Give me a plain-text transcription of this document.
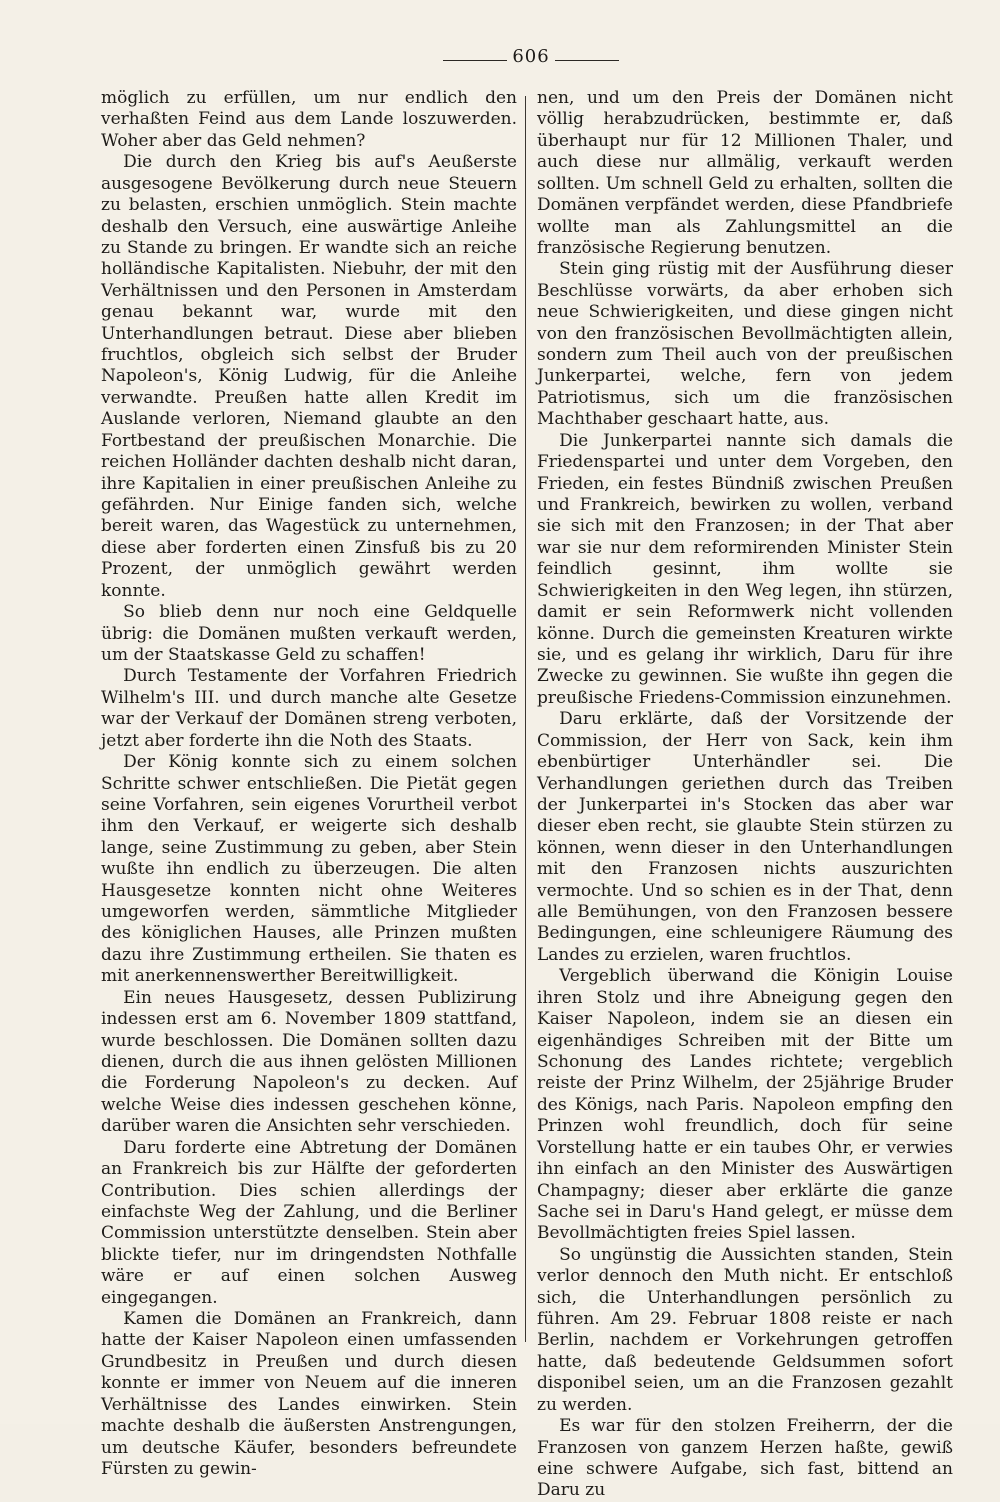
606

möglich zu erfüllen, um nur endlich den verhaßten Feind aus dem Lande loszuwerden. Woher aber das Geld nehmen?

Die durch den Krieg bis auf's Aeußerste ausgesogene Bevölkerung durch neue Steuern zu belasten, erschien unmöglich. Stein machte deshalb den Versuch, eine auswärtige Anleihe zu Stande zu bringen. Er wandte sich an reiche holländische Kapitalisten. Niebuhr, der mit den Verhältnissen und den Personen in Amsterdam genau bekannt war, wurde mit den Unterhandlungen betraut. Diese aber blieben fruchtlos, obgleich sich selbst der Bruder Napoleon's, König Ludwig, für die Anleihe verwandte. Preußen hatte allen Kredit im Auslande verloren, Niemand glaubte an den Fortbestand der preußischen Monarchie. Die reichen Holländer dachten deshalb nicht daran, ihre Kapitalien in einer preußischen Anleihe zu gefährden. Nur Einige fanden sich, welche bereit waren, das Wagestück zu unternehmen, diese aber forderten einen Zinsfuß bis zu 20 Prozent, der unmöglich gewährt werden konnte.

So blieb denn nur noch eine Geldquelle übrig: die Domänen mußten verkauft werden, um der Staatskasse Geld zu schaffen!

Durch Testamente der Vorfahren Friedrich Wilhelm's III. und durch manche alte Gesetze war der Verkauf der Domänen streng verboten, jetzt aber forderte ihn die Noth des Staats.

Der König konnte sich zu einem solchen Schritte schwer entschließen. Die Pietät gegen seine Vorfahren, sein eigenes Vorurtheil verbot ihm den Verkauf, er weigerte sich deshalb lange, seine Zustimmung zu geben, aber Stein wußte ihn endlich zu überzeugen. Die alten Hausgesetze konnten nicht ohne Weiteres umgeworfen werden, sämmtliche Mitglieder des königlichen Hauses, alle Prinzen mußten dazu ihre Zustimmung ertheilen. Sie thaten es mit anerkennenswerther Bereitwilligkeit.

Ein neues Hausgesetz, dessen Publizirung indessen erst am 6. November 1809 stattfand, wurde beschlossen. Die Domänen sollten dazu dienen, durch die aus ihnen gelösten Millionen die Forderung Napoleon's zu decken. Auf welche Weise dies indessen geschehen könne, darüber waren die Ansichten sehr verschieden.

Daru forderte eine Abtretung der Domänen an Frankreich bis zur Hälfte der geforderten Contribution. Dies schien allerdings der einfachste Weg der Zahlung, und die Berliner Commission unterstützte denselben. Stein aber blickte tiefer, nur im dringendsten Nothfalle wäre er auf einen solchen Ausweg eingegangen.

Kamen die Domänen an Frankreich, dann hatte der Kaiser Napoleon einen umfassenden Grundbesitz in Preußen und durch diesen konnte er immer von Neuem auf die inneren Verhältnisse des Landes einwirken. Stein machte deshalb die äußersten Anstrengungen, um deutsche Käufer, besonders befreundete Fürsten zu gewin-

nen, und um den Preis der Domänen nicht völlig herabzudrücken, bestimmte er, daß überhaupt nur für 12 Millionen Thaler, und auch diese nur allmälig, verkauft werden sollten. Um schnell Geld zu erhalten, sollten die Domänen verpfändet werden, diese Pfandbriefe wollte man als Zahlungsmittel an die französische Regierung benutzen.

Stein ging rüstig mit der Ausführung dieser Beschlüsse vorwärts, da aber erhoben sich neue Schwierigkeiten, und diese gingen nicht von den französischen Bevollmächtigten allein, sondern zum Theil auch von der preußischen Junkerpartei, welche, fern von jedem Patriotismus, sich um die französischen Machthaber geschaart hatte, aus.

Die Junkerpartei nannte sich damals die Friedenspartei und unter dem Vorgeben, den Frieden, ein festes Bündniß zwischen Preußen und Frankreich, bewirken zu wollen, verband sie sich mit den Franzosen; in der That aber war sie nur dem reformirenden Minister Stein feindlich gesinnt, ihm wollte sie Schwierigkeiten in den Weg legen, ihn stürzen, damit er sein Reformwerk nicht vollenden könne. Durch die gemeinsten Kreaturen wirkte sie, und es gelang ihr wirklich, Daru für ihre Zwecke zu gewinnen. Sie wußte ihn gegen die preußische Friedens-Commission einzunehmen.

Daru erklärte, daß der Vorsitzende der Commission, der Herr von Sack, kein ihm ebenbürtiger Unterhändler sei. Die Verhandlungen geriethen durch das Treiben der Junkerpartei in's Stocken das aber war dieser eben recht, sie glaubte Stein stürzen zu können, wenn dieser in den Unterhandlungen mit den Franzosen nichts auszurichten vermochte. Und so schien es in der That, denn alle Bemühungen, von den Franzosen bessere Bedingungen, eine schleunigere Räumung des Landes zu erzielen, waren fruchtlos.

Vergeblich überwand die Königin Louise ihren Stolz und ihre Abneigung gegen den Kaiser Napoleon, indem sie an diesen ein eigenhändiges Schreiben mit der Bitte um Schonung des Landes richtete; vergeblich reiste der Prinz Wilhelm, der 25jährige Bruder des Königs, nach Paris. Napoleon empfing den Prinzen wohl freundlich, doch für seine Vorstellung hatte er ein taubes Ohr, er verwies ihn einfach an den Minister des Auswärtigen Champagny; dieser aber erklärte die ganze Sache sei in Daru's Hand gelegt, er müsse dem Bevollmächtigten freies Spiel lassen.

So ungünstig die Aussichten standen, Stein verlor dennoch den Muth nicht. Er entschloß sich, die Unterhandlungen persönlich zu führen. Am 29. Februar 1808 reiste er nach Berlin, nachdem er Vorkehrungen getroffen hatte, daß bedeutende Geldsummen sofort disponibel seien, um an die Franzosen gezahlt zu werden.

Es war für den stolzen Freiherrn, der die Franzosen von ganzem Herzen haßte, gewiß eine schwere Aufgabe, sich fast, bittend an Daru zu
